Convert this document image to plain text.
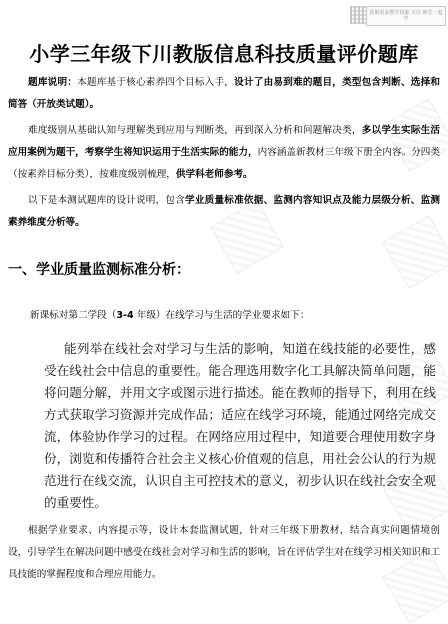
获取更多教学资源 关注 师生一起学
小学三年级下川教版信息科技质量评价题库
题库说明：本题库基于核心素养四个目标入手，设计了由易到难的题目，类型包含判断、选择和简答（开放类试题）。
难度级别从基础认知与理解类到应用与判断类，再到深入分析和问题解决类，多以学生实际生活应用案例为题干，考察学生将知识运用于生活实际的能力，内容涵盖新教材三年级下册全内容。分四类（按素养目标分类），按难度级别梳理，供学科老师参考。
以下是本测试题库的设计说明，包含学业质量标准依据、监测内容知识点及能力层级分析、监测素养维度分析等。
一、学业质量监测标准分析：
新课标对第二学段（3-4 年级）在线学习与生活的学业要求如下：
能列举在线社会对学习与生活的影响，知道在线技能的必要性，感受在线社会中信息的重要性。能合理选用数字化工具解决简单问题，能将问题分解，并用文字或图示进行描述。能在教师的指导下，利用在线方式获取学习资源并完成作品；适应在线学习环境，能通过网络完成交流，体验协作学习的过程。在网络应用过程中，知道要合理使用数字身份，浏览和传播符合社会主义核心价值观的信息，用社会公认的行为规范进行在线交流，认识自主可控技术的意义，初步认识在线社会安全观的重要性。
根据学业要求、内容提示等，设计本套监测试题，针对三年级下册教材，结合真实问题情境创设，引导学生在解决问题中感受在线社会对学习和生活的影响，旨在评估学生对在线学习相关知识和工具技能的掌握程度和合理应用能力。
